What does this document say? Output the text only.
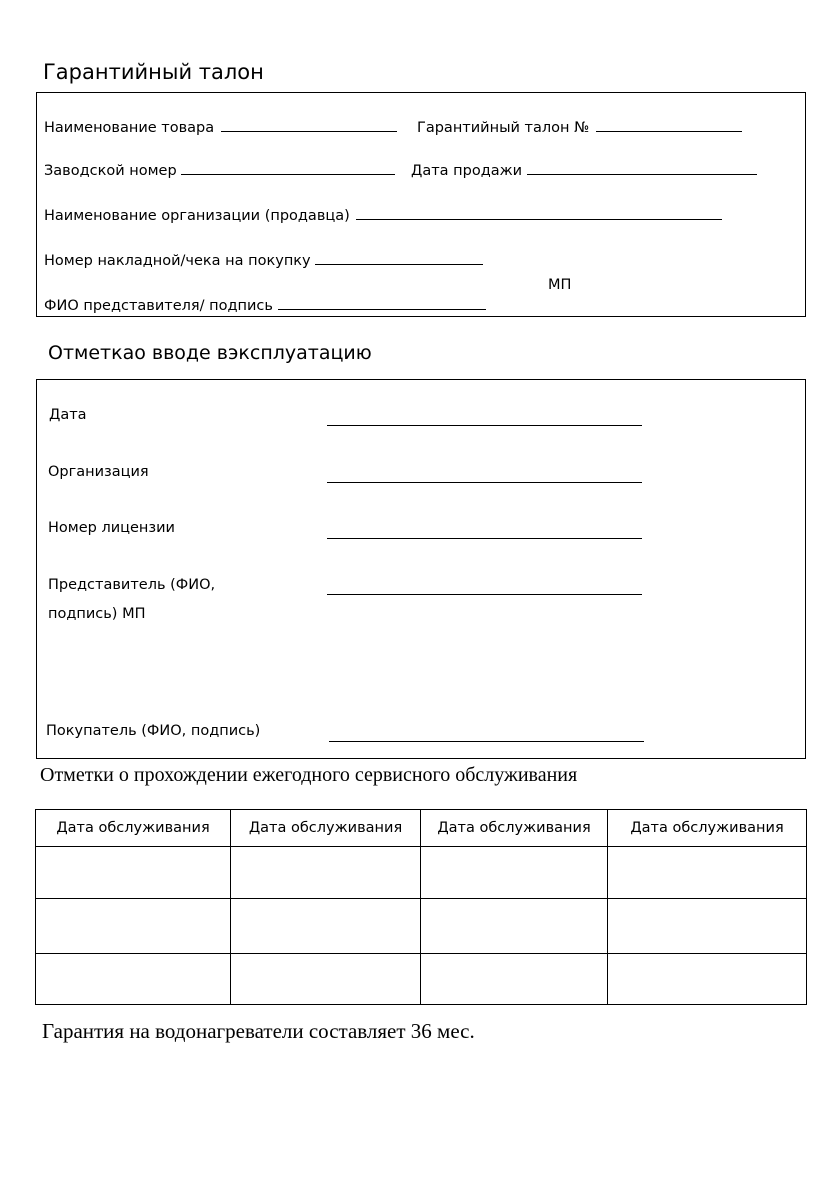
Гарантийный талон
Наименование товара	Гарантийный талон №
Заводской номер	Дата продажи
Наименование организации (продавца)
Номер накладной/чека на покупку
МП
ФИО представителя/ подпись
Отметкао вводе вэксплуатацию
Дата
Организация
Номер лицензии
Представитель (ФИО,
подпись) МП
Покупатель (ФИО, подпись)
Отметки о прохождении ежегодного сервисного обслуживания
Дата обслуживания	Дата обслуживания	Дата обслуживания	Дата обслуживания

Гарантия на водонагреватели составляет 36 мес.
